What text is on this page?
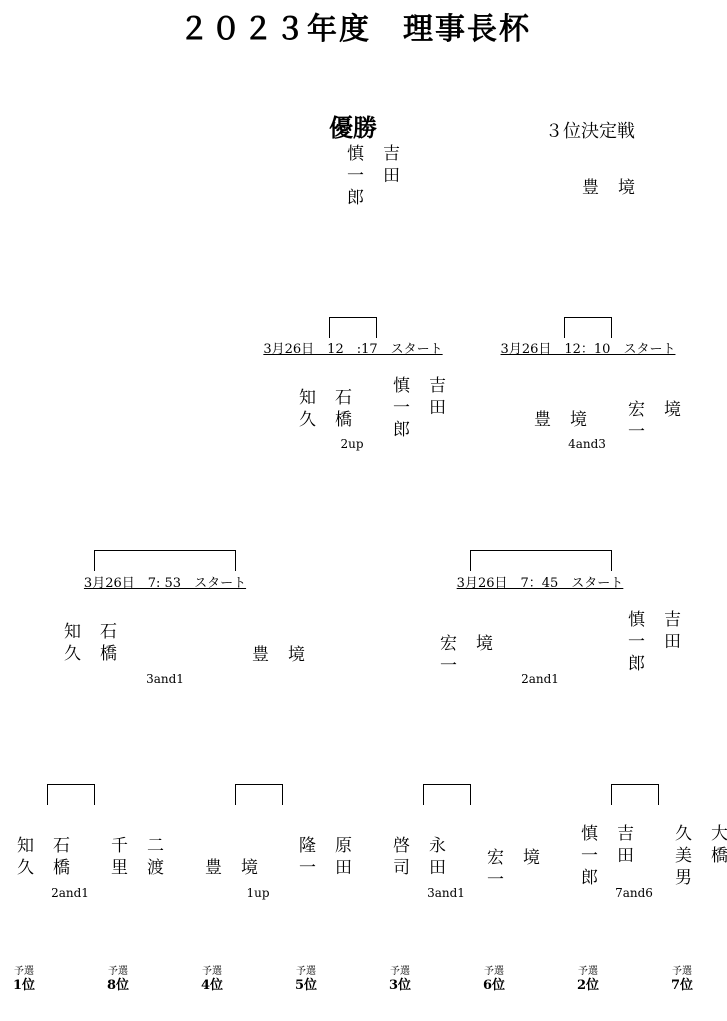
２０２３年度　理事長杯
優勝	３位決定戦
吉田

慎一郎	境

豊
3月26日　12　:17　スタート	3月26日　12：10　スタート
石橋

知久	吉田

慎一郎
2up
境

豊	境

宏一
4and3
3月26日　7: 53　スタート	3月26日　7：45　スタート
石橋

知久	境

豊
3and1
境

宏一
吉田

慎一郎
2and1
石橋

知久	二渡

千里
2and1
境

豊	原田

隆一
1up
永田

啓司	境

宏一
3and1
吉田

慎一郎	大橋

久美男
7and6
予選
1位
予選
8位
予選
4位
予選
5位
予選
3位
予選
6位
予選
2位
予選
7位
